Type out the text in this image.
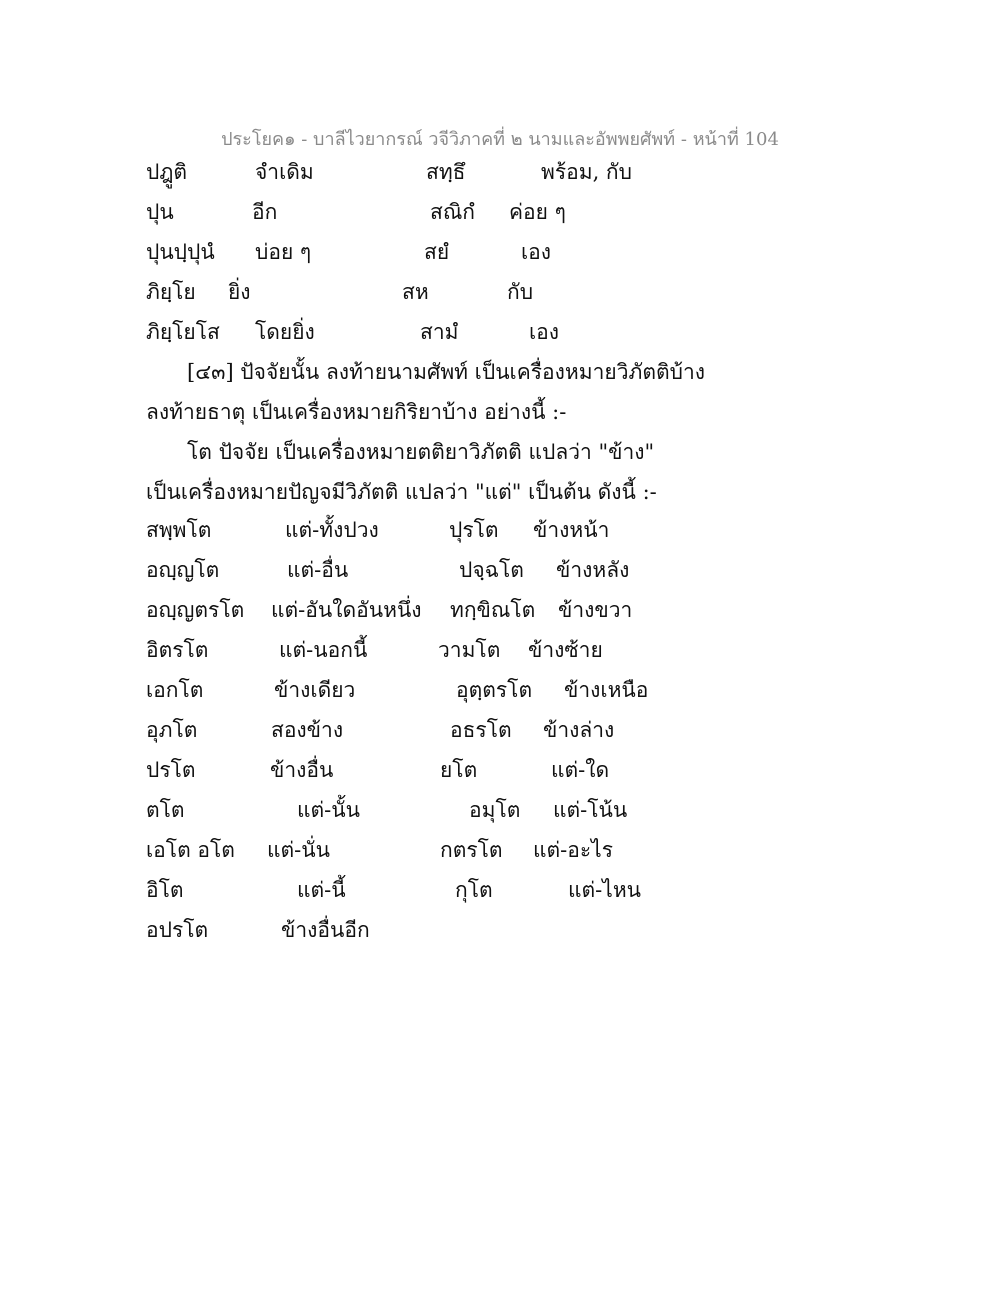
ประโยค๑ - บาลีไวยากรณ์ วจีวิภาคที่ ๒ นามและอัพพยศัพท์ - หน้าที่ 104
ปฎูติ	จำเดิม	สทฺธึ	พร้อม, กับ
ปุน	อีก	สณิกํ ค่อย ๆ
ปุนปฺปุนํ บ่อย ๆ	สยํ	เอง
ภิยฺโย ยิ่ง	สห	กับ
ภิยฺโยโส โดยยิ่ง	สามํ	เอง
[๔๓] ปัจจัยนั้น ลงท้ายนามศัพท์ เป็นเครื่องหมายวิภัตติบ้าง
ลงท้ายธาตุ เป็นเครื่องหมายกิริยาบ้าง อย่างนี้ :-
โต ปัจจัย เป็นเครื่องหมายตติยาวิภัตติ แปลว่า "ข้าง"
เป็นเครื่องหมายปัญจมีวิภัตติ แปลว่า "แต่" เป็นต้น ดังนี้ :-
สพฺพโต	แต่-ทั้งปวง	ปุรโต ข้างหน้า
อญฺญโต	แต่-อื่น	ปจฺฉโต ข้างหลัง
อญฺญตรโต แต่-อันใดอันหนึ่ง ทกฺขิณโต ข้างขวา
อิตรโต	แต่-นอกนี้	วามโต ข้างซ้าย
เอกโต	ข้างเดียว	อุตฺตรโต ข้างเหนือ
อุภโต	สองข้าง	อธรโต ข้างล่าง
ปรโต	ข้างอื่น	ยโต	แต่-ใด
ตโต	แต่-นั้น	อมุโต แต่-โน้น
เอโต อโต แต่-นั่น	กตรโต แต่-อะไร
อิโต	แต่-นี้	กุโต	แต่-ไหน
อปรโต	ข้างอื่นอีก
